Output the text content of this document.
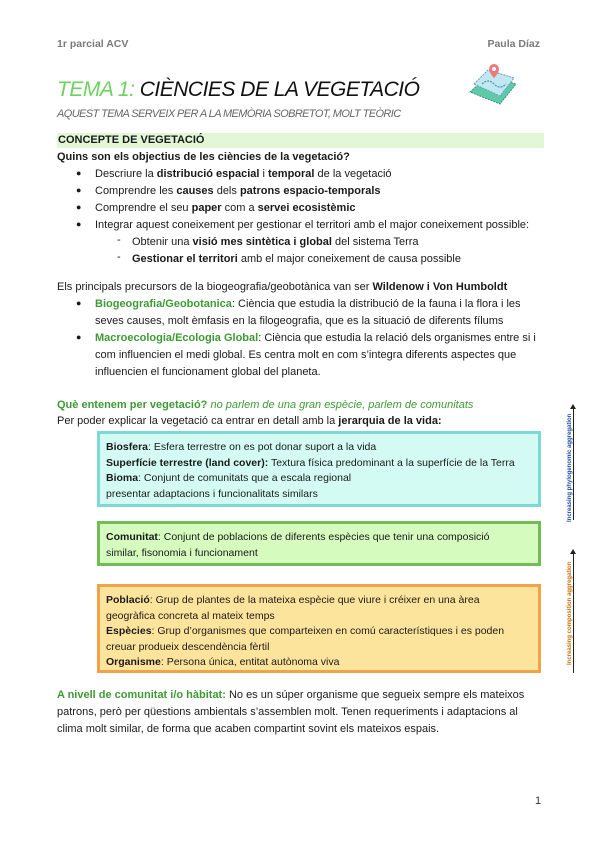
1r parcial ACV	Paula Díaz
TEMA 1: CIÈNCIES DE LA VEGETACIÓ
AQUEST TEMA SERVEIX PER A LA MEMÒRIA SOBRETOT, MOLT TEÒRIC
CONCEPTE DE VEGETACIÓ
Quins son els objectius de les ciències de la vegetació?
● Descriure la distribució espacial i temporal de la vegetació
● Comprendre les causes dels patrons espacio-temporals
● Comprendre el seu paper com a servei ecosistèmic
● Integrar aquest coneixement per gestionar el territori amb el major coneixement possible:
- Obtenir una visió mes sintètica i global del sistema Terra
- Gestionar el territori amb el major coneixement de causa possible
Els principals precursors de la biogeografia/geobotànica van ser Wildenow i Von Humboldt
● Biogeografia/Geobotanica: Ciència que estudia la distribució de la fauna i la flora i les
seves causes, molt èmfasis en la filogeografia, que es la situació de diferents fílums
● Macroecologia/Ecologia Global: Ciència que estudia la relació dels organismes entre si i
com influencien el medi global. Es centra molt en com s’integra diferents aspectes que
influencien el funcionament global del planeta.
Què entenem per vegetació? no parlem de una gran espècie, parlem de comunitats
Per poder explicar la vegetació ca entrar en detall amb la jerarquia de la vida:
Biosfera: Esfera terrestre on es pot donar suport a la vida
Superfície terrestre (land cover): Textura física predominant a la superfície de la Terra
Bioma: Conjunt de comunitats que a escala regional
presentar adaptacions i funcionalitats similars
Comunitat: Conjunt de poblacions de diferents espècies que tenir una composició
similar, fisonomia i funcionament
Població: Grup de plantes de la mateixa espècie que viure i créixer en una àrea
geogràfica concreta al mateix temps
Espècies: Grup d’organismes que comparteixen en comú característiques i es poden
creuar produeix descendència fèrtil
Organisme: Persona única, entitat autònoma viva
Increasing phylogenomic aggregation
Increasing composition aggregation
A nivell de comunitat i/o hàbitat: No es un súper organisme que segueix sempre els mateixos
patrons, però per qüestions ambientals s’assemblen molt. Tenen requeriments i adaptacions al
clima molt similar, de forma que acaben compartint sovint els mateixos espais.
1
